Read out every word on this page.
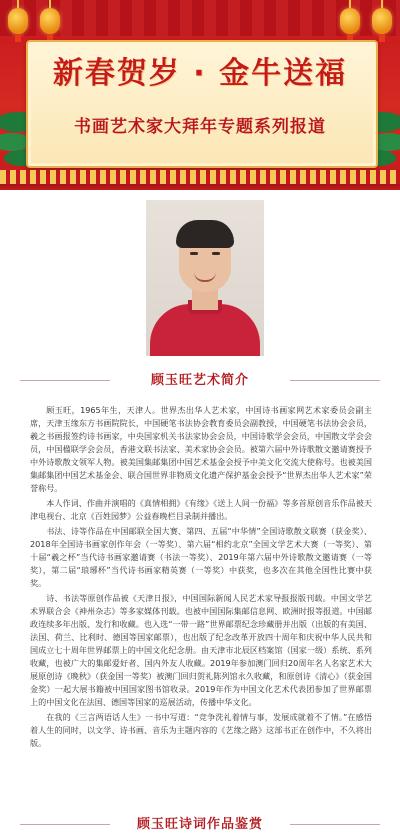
新春贺岁 · 金牛送福
书画艺术家大拜年专题系列报道
顾玉旺艺术简介

顾玉旺，1965年生，天津人。世界杰出华人艺术家，中国诗书画家网艺术家委员会副主席，天津玉缘东方书画院院长，中国硬笔书法协会教育委员会副教授，中国硬笔书法协会会员，羲之书画报签约诗书画家，中央国家机关书法家协会会员，中国诗歌学会会员，中国散文学会会员，中国楹联学会会员，香港文联书法家、美术家协会会员。被第六届中外诗歌散文邀请赛授予中外诗歌散文领军人物。被美国集邮集团中国艺术基金会授予中美文化交流大使称号。也被美国集邮集团中国艺术基金会、联合国世界非物质文化遗产保护基金会授予“世界杰出华人艺术家”荣誉称号。

本人作词、作曲并演唱的《真情相拥》《有缘》《送上人间一份福》等多首原创音乐作品被天津电视台、北京《百姓园梦》公益春晚栏目录制并播出。

书法、诗等作品在中国邮联全国大赛、第四、五届“中华情”全国诗歌散文联赛（获金奖）、2018年全国诗书画家创作年会（一等奖）、第六届“相约北京”全国文学艺术大赛（一等奖）、第十届“羲之杯”当代诗书画家邀请赛（书法一等奖）、2019年第六届中外诗歌散文邀请赛（一等奖），第二届“琅琊杯”当代诗书画家精英赛（一等奖）中获奖，也多次在其他全国性比赛中获奖。

诗、书法等原创作品被《天津日报》，中国国际新闻人民艺术家导报报版刊载。中国文学艺术界联合会《神州杂志》等多家媒体刊载。也被中国国际集邮信息网、欧洲时报等报道。中国邮政连续多年出版、发行和收藏。也入选“一带一路”世界邮票纪念珍藏册并出版（出版的有美国、法国、荷兰、比利时、德国等国家邮票），也出版了纪念改革开放四十周年和庆祝中华人民共和国成立七十周年世界邮票上的中国文化纪念册。由天津市北辰区档案馆（国家一级）系统、系列收藏，也被广大的集邮爱好者、国内外友人收藏。2019年参加澳门回归20周年名人名家艺术大展原创诗《晚秋》（获金国一等奖）被澳门回归贺礼陈列馆永久收藏，和原创诗《清心》（获金国金奖）一起大展书籍被中国国家图书馆收录。2019年作为中国文化艺术代表团参加了世界邮票上的中国文化在法国、德国等国家的巡展活动，传播中华文化。

在我的《三言两语话人生》一书中写道：“竞争洗礼着情与事，发展成就着不了情。”在感悟着人生的同时，以文学、诗书画、音乐为主题内容的《艺缘之路》这部书正在创作中，不久将出版。

顾玉旺诗词作品鉴赏
